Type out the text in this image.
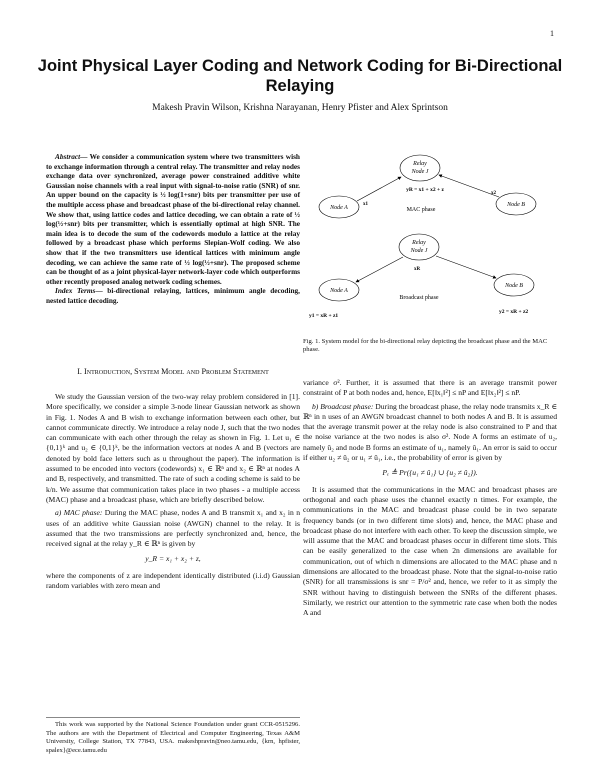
1
Joint Physical Layer Coding and Network Coding for Bi-Directional Relaying
Makesh Pravin Wilson, Krishna Narayanan, Henry Pfister and Alex Sprintson

Abstract— We consider a communication system where two transmitters wish to exchange information through a central relay. The transmitter and relay nodes exchange data over synchronized, average power constrained additive white Gaussian noise channels with a real input with signal-to-noise ratio (SNR) of snr. An upper bound on the capacity is ½ log(1+snr) bits per transmitter per use of the multiple access phase and broadcast phase of the bi-directional relay channel. We show that, using lattice codes and lattice decoding, we can obtain a rate of ½ log(½+snr) bits per transmitter, which is essentially optimal at high SNR. The main idea is to decode the sum of the codewords modulo a lattice at the relay followed by a broadcast phase which performs Slepian-Wolf coding. We also show that if the two transmitters use identical lattices with minimum angle decoding, we can achieve the same rate of ½ log(½+snr). The proposed scheme can be thought of as a joint physical-layer network-layer code which outperforms other recently proposed analog network coding schemes.

Index Terms— bi-directional relaying, lattices, minimum angle decoding, nested lattice decoding.

I. Introduction, System Model and Problem Statement

We study the Gaussian version of the two-way relay problem considered in [1]. More specifically, we consider a simple 3-node linear Gaussian network as shown in Fig. 1. Nodes A and B wish to exchange information between each other, but cannot communicate directly. We introduce a relay node J, such that the two nodes can communicate with each other through the relay as shown in Fig. 1. Let u₁ ∈ {0,1}ᵏ and u₂ ∈ {0,1}ᵏ, be the information vectors at nodes A and B (vectors are denoted by bold face letters such as u throughout the paper). The information is assumed to be encoded into vectors (codewords) x₁ ∈ ℝⁿ and x₂ ∈ ℝⁿ at nodes A and B, respectively, and transmitted. The rate of such a coding scheme is said to be k/n. We assume that communication takes place in two phases - a multiple access (MAC) phase and a broadcast phase, which are briefly described below.

a) MAC phase: During the MAC phase, nodes A and B transmit x₁ and x₂ in n uses of an additive white Gaussian noise (AWGN) channel to the relay. It is assumed that the two transmissions are perfectly synchronized and, hence, the received signal at the relay y_R ∈ ℝⁿ is given by

y_R = x₁ + x₂ + z,

where the components of z are independent identically distributed (i.i.d) Gaussian random variables with zero mean and

This work was supported by the National Science Foundation under grant CCR-0515296. The authors are with the Department of Electrical and Computer Engineering, Texas A&M University, College Station, TX 77843, USA. makeshpravin@neo.tamu.edu, {krn, hpfister, spalex}@ece.tamu.edu

Relay
Node J
Node A	Node B
yR = x1 + x2 + z
x1
x2
MAC phase
Relay
Node J
Node A
Node B
xR
Broadcast phase
y1 = xR + z1
y2 = xR + z2
Fig. 1. System model for the bi-directional relay depicting the broadcast phase and the MAC phase.

variance σ². Further, it is assumed that there is an average transmit power constraint of P at both nodes and, hence, E[‖x₁‖²] ≤ nP and E[‖x₂‖²] ≤ nP.

b) Broadcast phase: During the broadcast phase, the relay node transmits x_R ∈ ℝⁿ in n uses of an AWGN broadcast channel to both nodes A and B. It is assumed that the average transmit power at the relay node is also constrained to P and that the noise variance at the two nodes is also σ². Node A forms an estimate of u₂, namely û₂ and node B forms an estimate of u₁, namely û₁. An error is said to occur if either u₂ ≠ û₂ or u₁ ≠ û₁, i.e., the probability of error is given by

Pₑ ≜ Pr({u₁ ≠ û₁} ∪ {u₂ ≠ û₂}).

It is assumed that the communications in the MAC and broadcast phases are orthogonal and each phase uses the channel exactly n times. For example, the communications in the MAC and broadcast phase could be in two separate frequency bands (or in two different time slots) and, hence, the MAC phase and broadcast phase do not interfere with each other. To keep the discussion simple, we will assume that the MAC and broadcast phases occur in different time slots. This can be easily generalized to the case when 2n dimensions are available for communication, out of which n dimensions are allocated to the MAC phase and n dimensions are allocated to the broadcast phase. Note that the signal-to-noise ratio (SNR) for all transmissions is snr = P/σ² and, hence, we refer to it as simply the SNR without having to distinguish between the SNRs of the different phases. Similarly, we restrict our attention to the symmetric rate case when both the nodes A and
